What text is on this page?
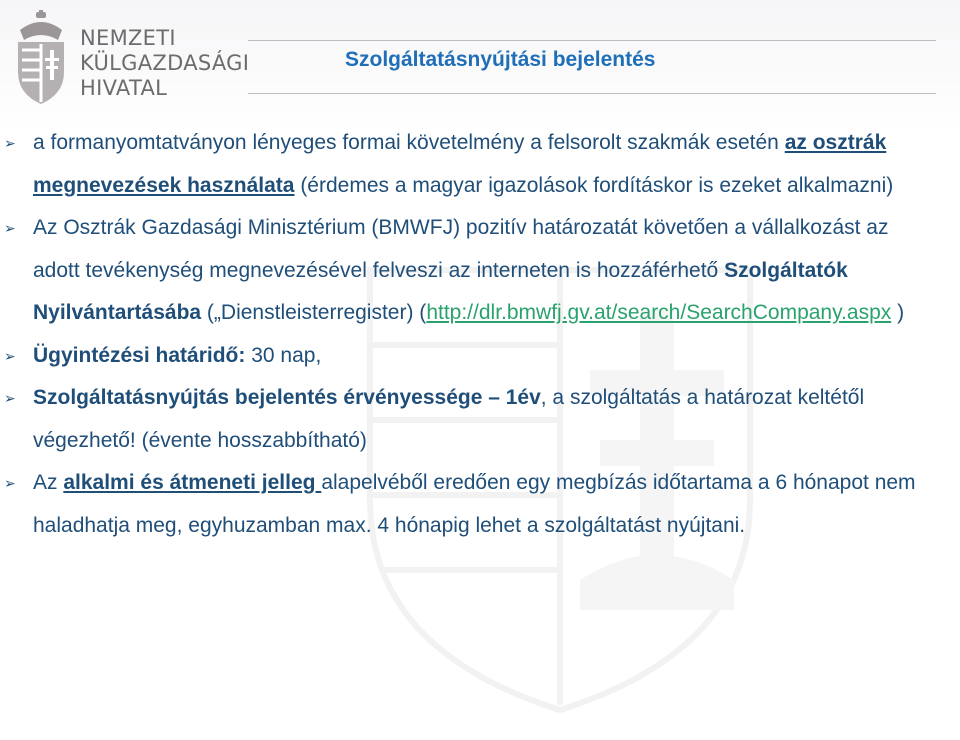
NEMZETI
KÜLGAZDASÁGI
HIVATAL
Szolgáltatásnyújtási bejelentés
➢
a formanyomtatványon lényeges formai követelmény a felsorolt szakmák esetén az osztrák megnevezések használata (érdemes a magyar igazolások fordításkor is ezeket alkalmazni)
➢
Az Osztrák Gazdasági Minisztérium (BMWFJ) pozitív határozatát követően a vállalkozást az adott tevékenység megnevezésével felveszi az interneten is hozzáférhető Szolgáltatók Nyilvántartásába („Dienstleisterregister) (http://dlr.bmwfj.gv.at/search/SearchCompany.aspx )
➢
Ügyintézési határidő: 30 nap,
➢
Szolgáltatásnyújtás bejelentés érvényessége – 1év, a szolgáltatás a határozat keltétől végezhető! (évente hosszabbítható)
➢
Az alkalmi és átmeneti jelleg alapelvéből eredően egy megbízás időtartama a 6 hónapot nem haladhatja meg, egyhuzamban max. 4 hónapig lehet a szolgáltatást nyújtani.
